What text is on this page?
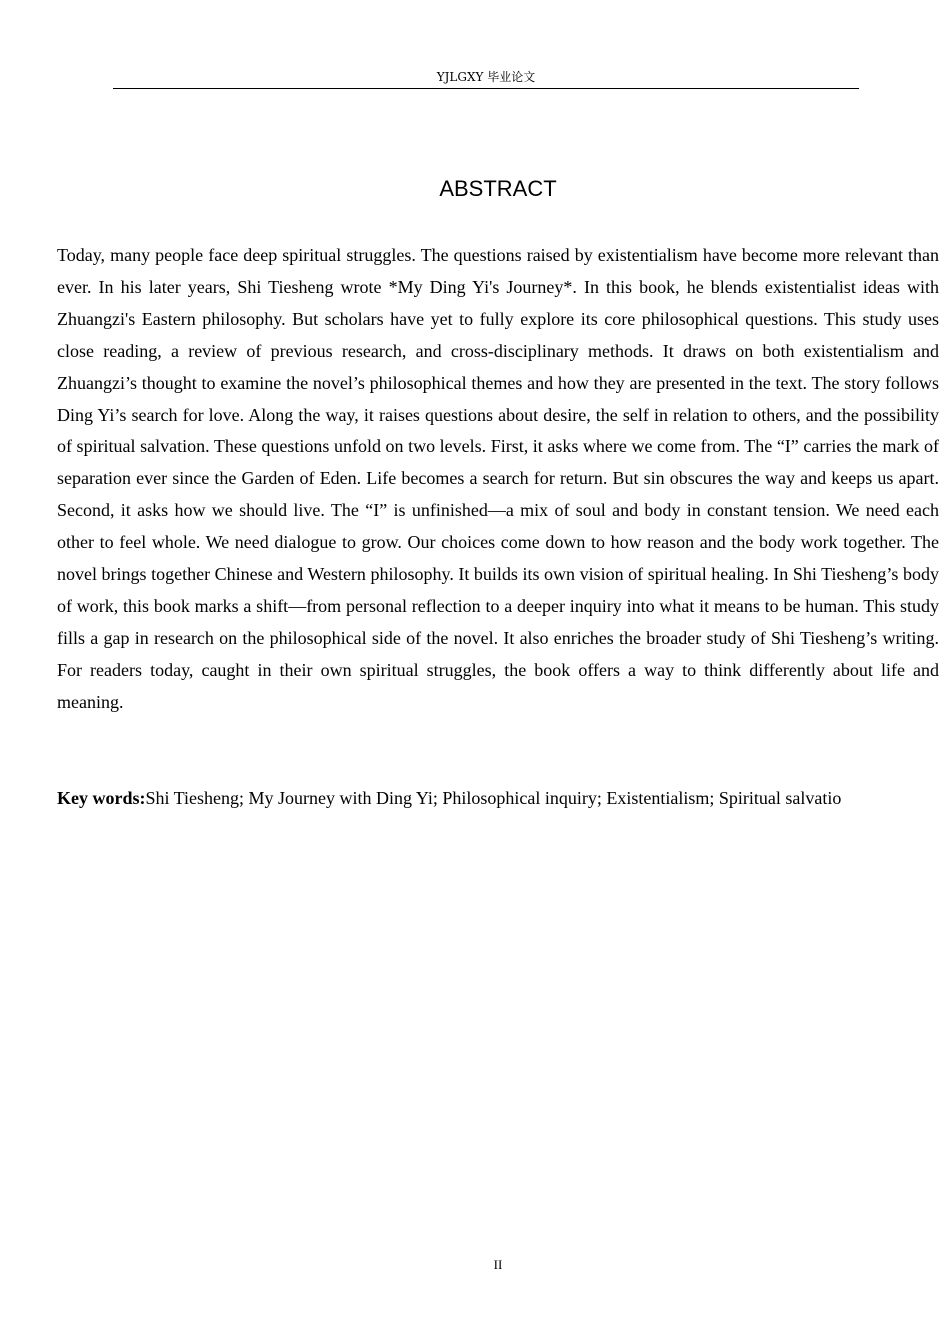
YJLGXY 毕业论文
ABSTRACT

Today, many people face deep spiritual struggles. The questions raised by existentialism have become more relevant than ever. In his later years, Shi Tiesheng wrote *My Ding Yi's Journey*. In this book, he blends existentialist ideas with Zhuangzi's Eastern philosophy. But scholars have yet to fully explore its core philosophical questions. This study uses close reading, a review of previous research, and cross-disciplinary methods. It draws on both existentialism and Zhuangzi’s thought to examine the novel’s philosophical themes and how they are presented in the text. The story follows Ding Yi’s search for love. Along the way, it raises questions about desire, the self in relation to others, and the possibility of spiritual salvation. These questions unfold on two levels. First, it asks where we come from. The “I” carries the mark of separation ever since the Garden of Eden. Life becomes a search for return. But sin obscures the way and keeps us apart. Second, it asks how we should live. The “I” is unfinished—a mix of soul and body in constant tension. We need each other to feel whole. We need dialogue to grow. Our choices come down to how reason and the body work together. The novel brings together Chinese and Western philosophy. It builds its own vision of spiritual healing. In Shi Tiesheng’s body of work, this book marks a shift—from personal reflection to a deeper inquiry into what it means to be human. This study fills a gap in research on the philosophical side of the novel. It also enriches the broader study of Shi Tiesheng’s writing. For readers today, caught in their own spiritual struggles, the book offers a way to think differently about life and meaning.

Key words:Shi Tiesheng; My Journey with Ding Yi; Philosophical inquiry; Existentialism; Spiritual salvatio

II
